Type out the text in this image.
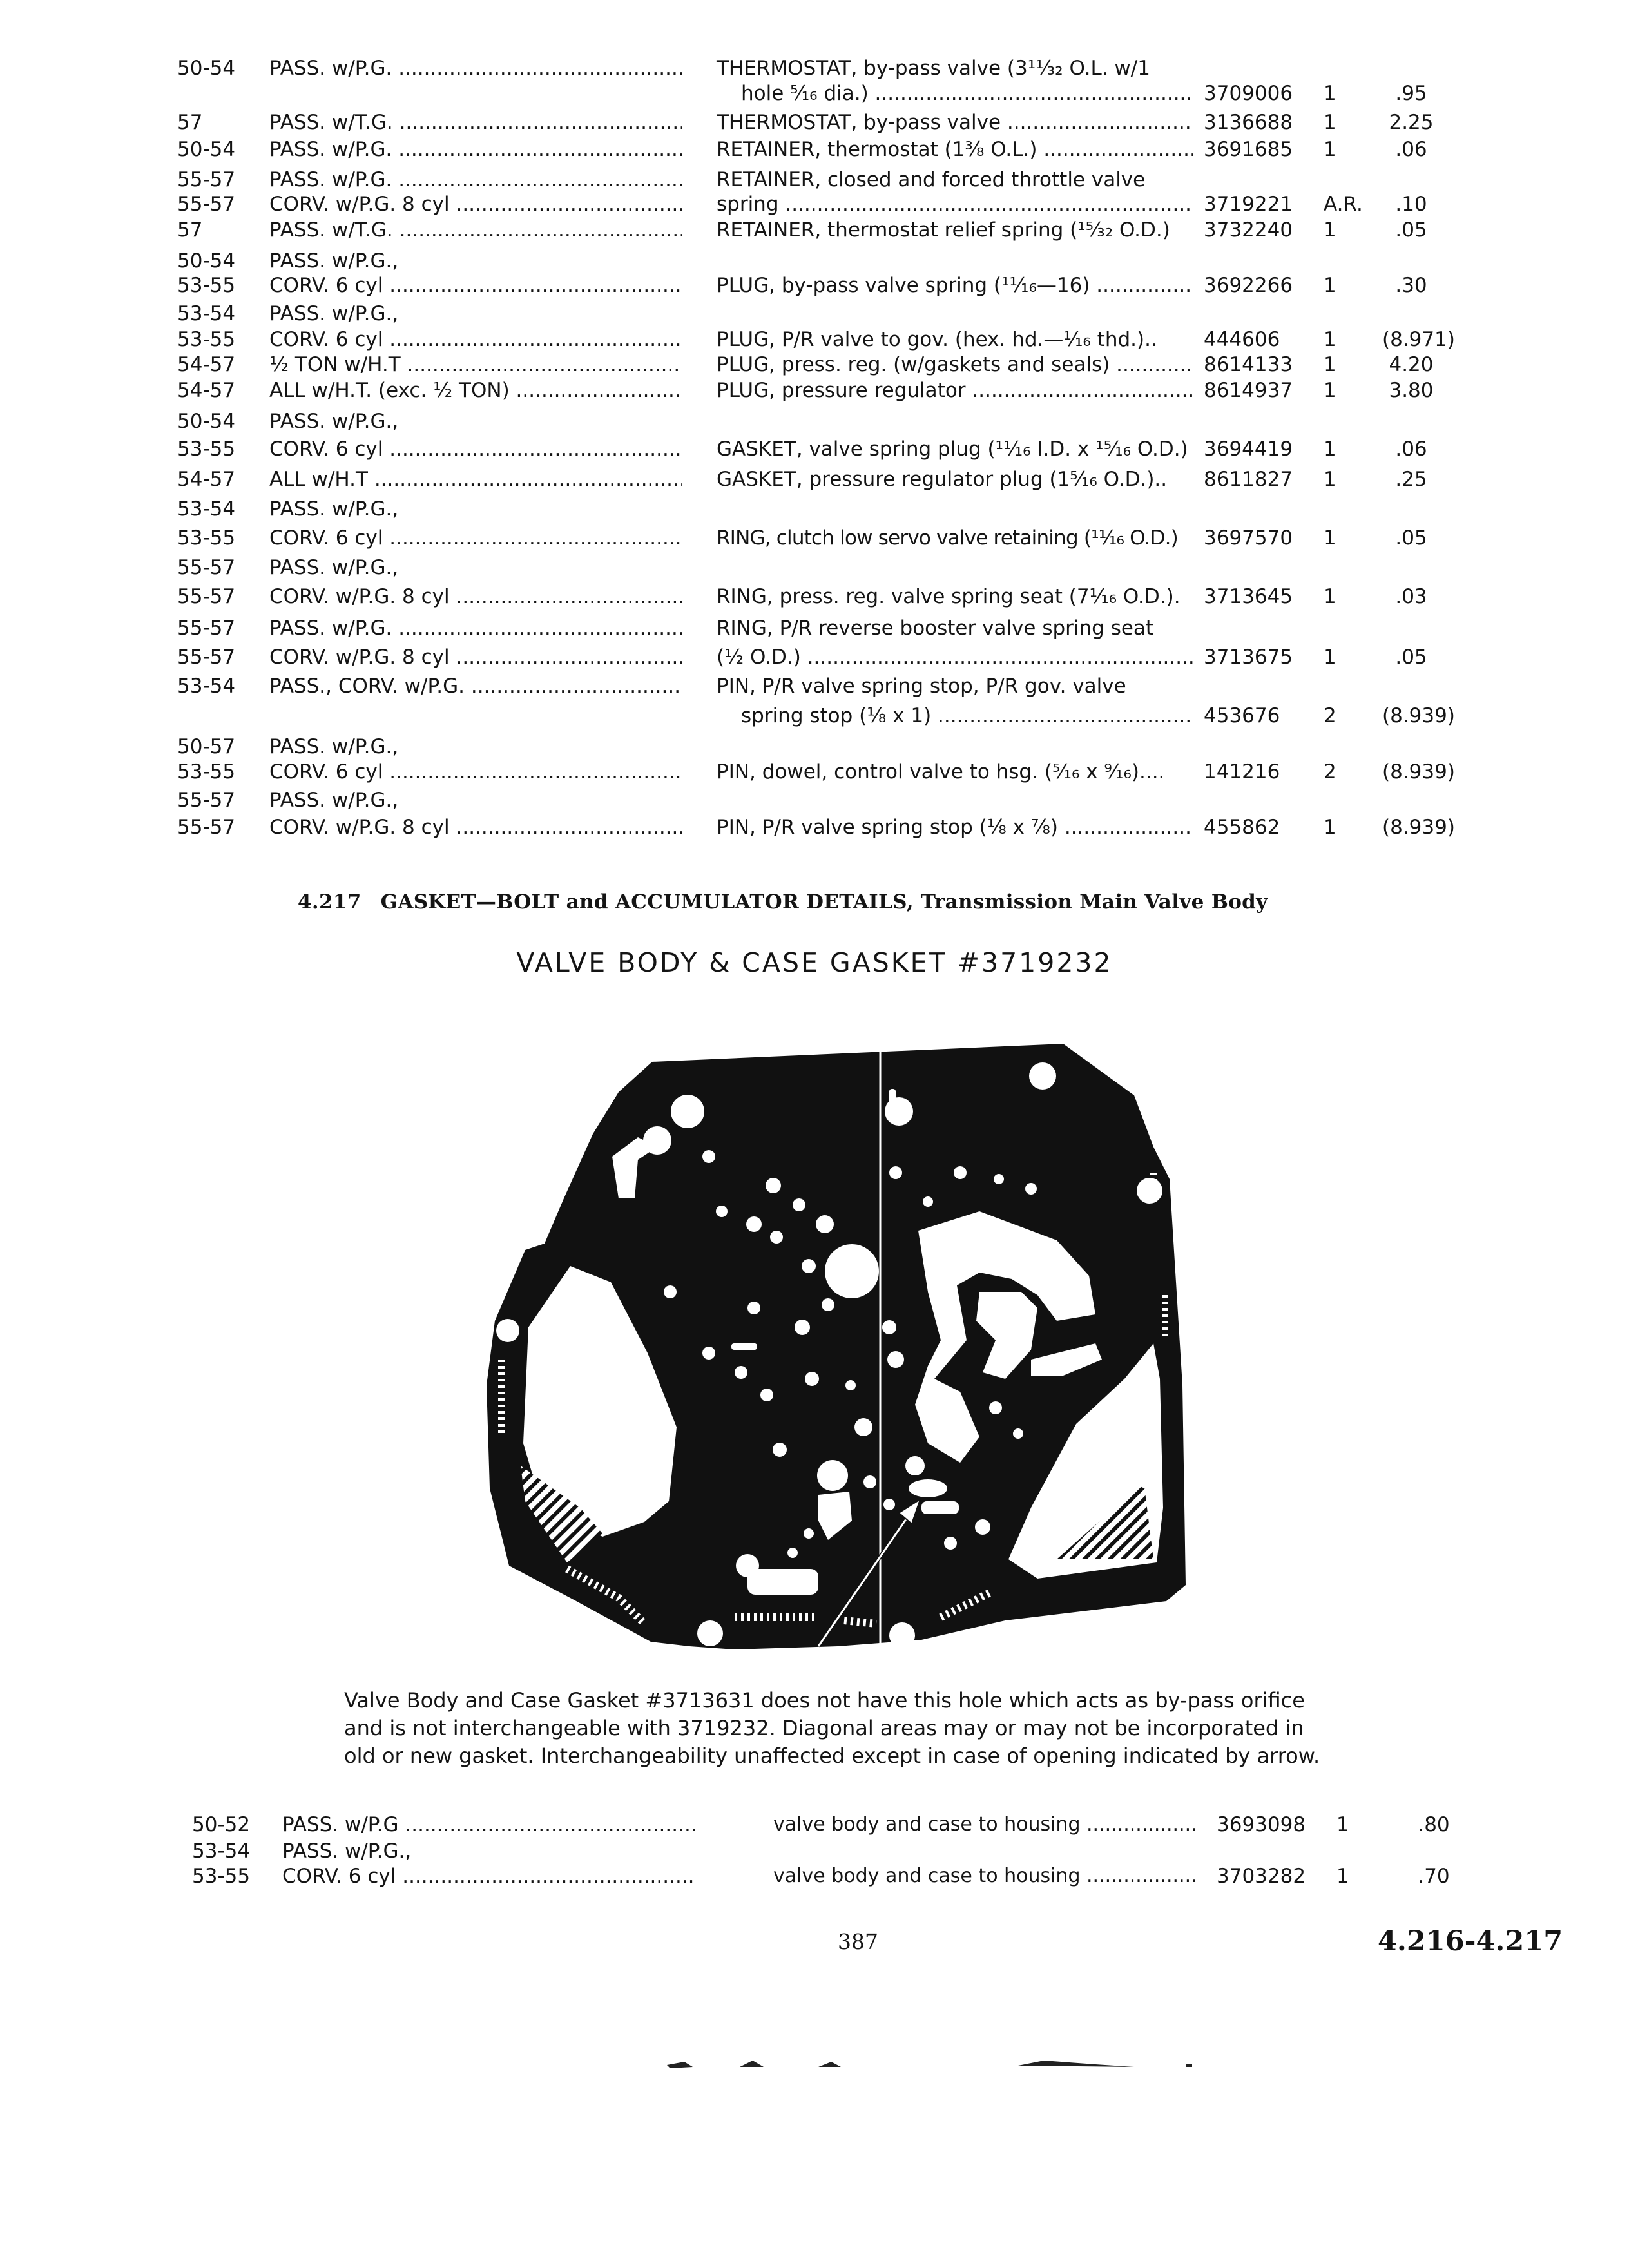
50-54 PASS. w/P.G. .....	THERMOSTAT, by-pass valve (3¹¹⁄₃₂ O.L. w/1
hole ⁵⁄₁₆ dia.) .....	3709006 1	.95
57	PASS. w/T.G. .....	THERMOSTAT, by-pass valve .....	3136688 1	2.25
50-54 PASS. w/P.G. .....	RETAINER, thermostat (1³⁄₈ O.L.) .....	3691685 1	.06
55-57 PASS. w/P.G. .....	RETAINER, closed and forced throttle valve
55-57 CORV. w/P.G. 8 cyl .....	spring .....	3719221 A.R.	.10
57	PASS. w/T.G. .....	RETAINER, thermostat relief spring (¹⁵⁄₃₂ O.D.) 3732240 1	.05
50-54 PASS. w/P.G.,
53-55 CORV. 6 cyl .....	PLUG, by-pass valve spring (¹¹⁄₁₆—16) .....	3692266 1	.30
53-54 PASS. w/P.G.,
53-55 CORV. 6 cyl .....	PLUG, P/R valve to gov. (hex. hd.—¹⁄₁₆ thd.).. 444606 1 (8.971)
54-57 ½ TON w/H.T .....	PLUG, press. reg. (w/gaskets and seals) .....	8614133 1	4.20
54-57 ALL w/H.T. (exc. ½ TON) .....	PLUG, pressure regulator .....	8614937 1	3.80
50-54 PASS. w/P.G.,
53-55 CORV. 6 cyl .....	GASKET, valve spring plug (¹¹⁄₁₆ I.D. x ¹⁵⁄₁₆ O.D.) 3694419 1	.06
54-57 ALL w/H.T .....	GASKET, pressure regulator plug (1⁵⁄₁₆ O.D.).. 8611827 1	.25
53-54 PASS. w/P.G.,
53-55 CORV. 6 cyl .....	RING, clutch low servo valve retaining (¹¹⁄₁₆ O.D.) 3697570 1	.05
55-57 PASS. w/P.G.,
55-57 CORV. w/P.G. 8 cyl .....	RING, press. reg. valve spring seat (7¹⁄₁₆ O.D.). 3713645 1	.03
55-57 PASS. w/P.G. .....	RING, P/R reverse booster valve spring seat
55-57 CORV. w/P.G. 8 cyl .....	(½ O.D.) .....	3713675 1	.05
53-54 PASS., CORV. w/P.G. .....	PIN, P/R valve spring stop, P/R gov. valve
spring stop (⅛ x 1) .....	453676 2 (8.939)
50-57 PASS. w/P.G.,
53-55 CORV. 6 cyl .....	PIN, dowel, control valve to hsg. (⁵⁄₁₆ x ⁹⁄₁₆).... 141216 2 (8.939)
55-57 PASS. w/P.G.,
55-57 CORV. w/P.G. 8 cyl .....	PIN, P/R valve spring stop (⅛ x ⅞) .....	455862 1 (8.939)
4.217 GASKET—BOLT and ACCUMULATOR DETAILS, Transmission Main Valve Body
VALVE BODY & CASE GASKET #3719232
Valve Body and Case Gasket #3713631 does not have this hole which acts as by-pass orifice
and is not interchangeable with 3719232. Diagonal areas may or may not be incorporated in
old or new gasket. Interchangeability unaffected except in case of opening indicated by arrow.
50-52 PASS. w/P.G .....	valve body and case to housing .....	3693098 1	.80
53-54 PASS. w/P.G.,
53-55 CORV. 6 cyl .....	valve body and case to housing .....	3703282 1	.70
387	4.216-4.217
